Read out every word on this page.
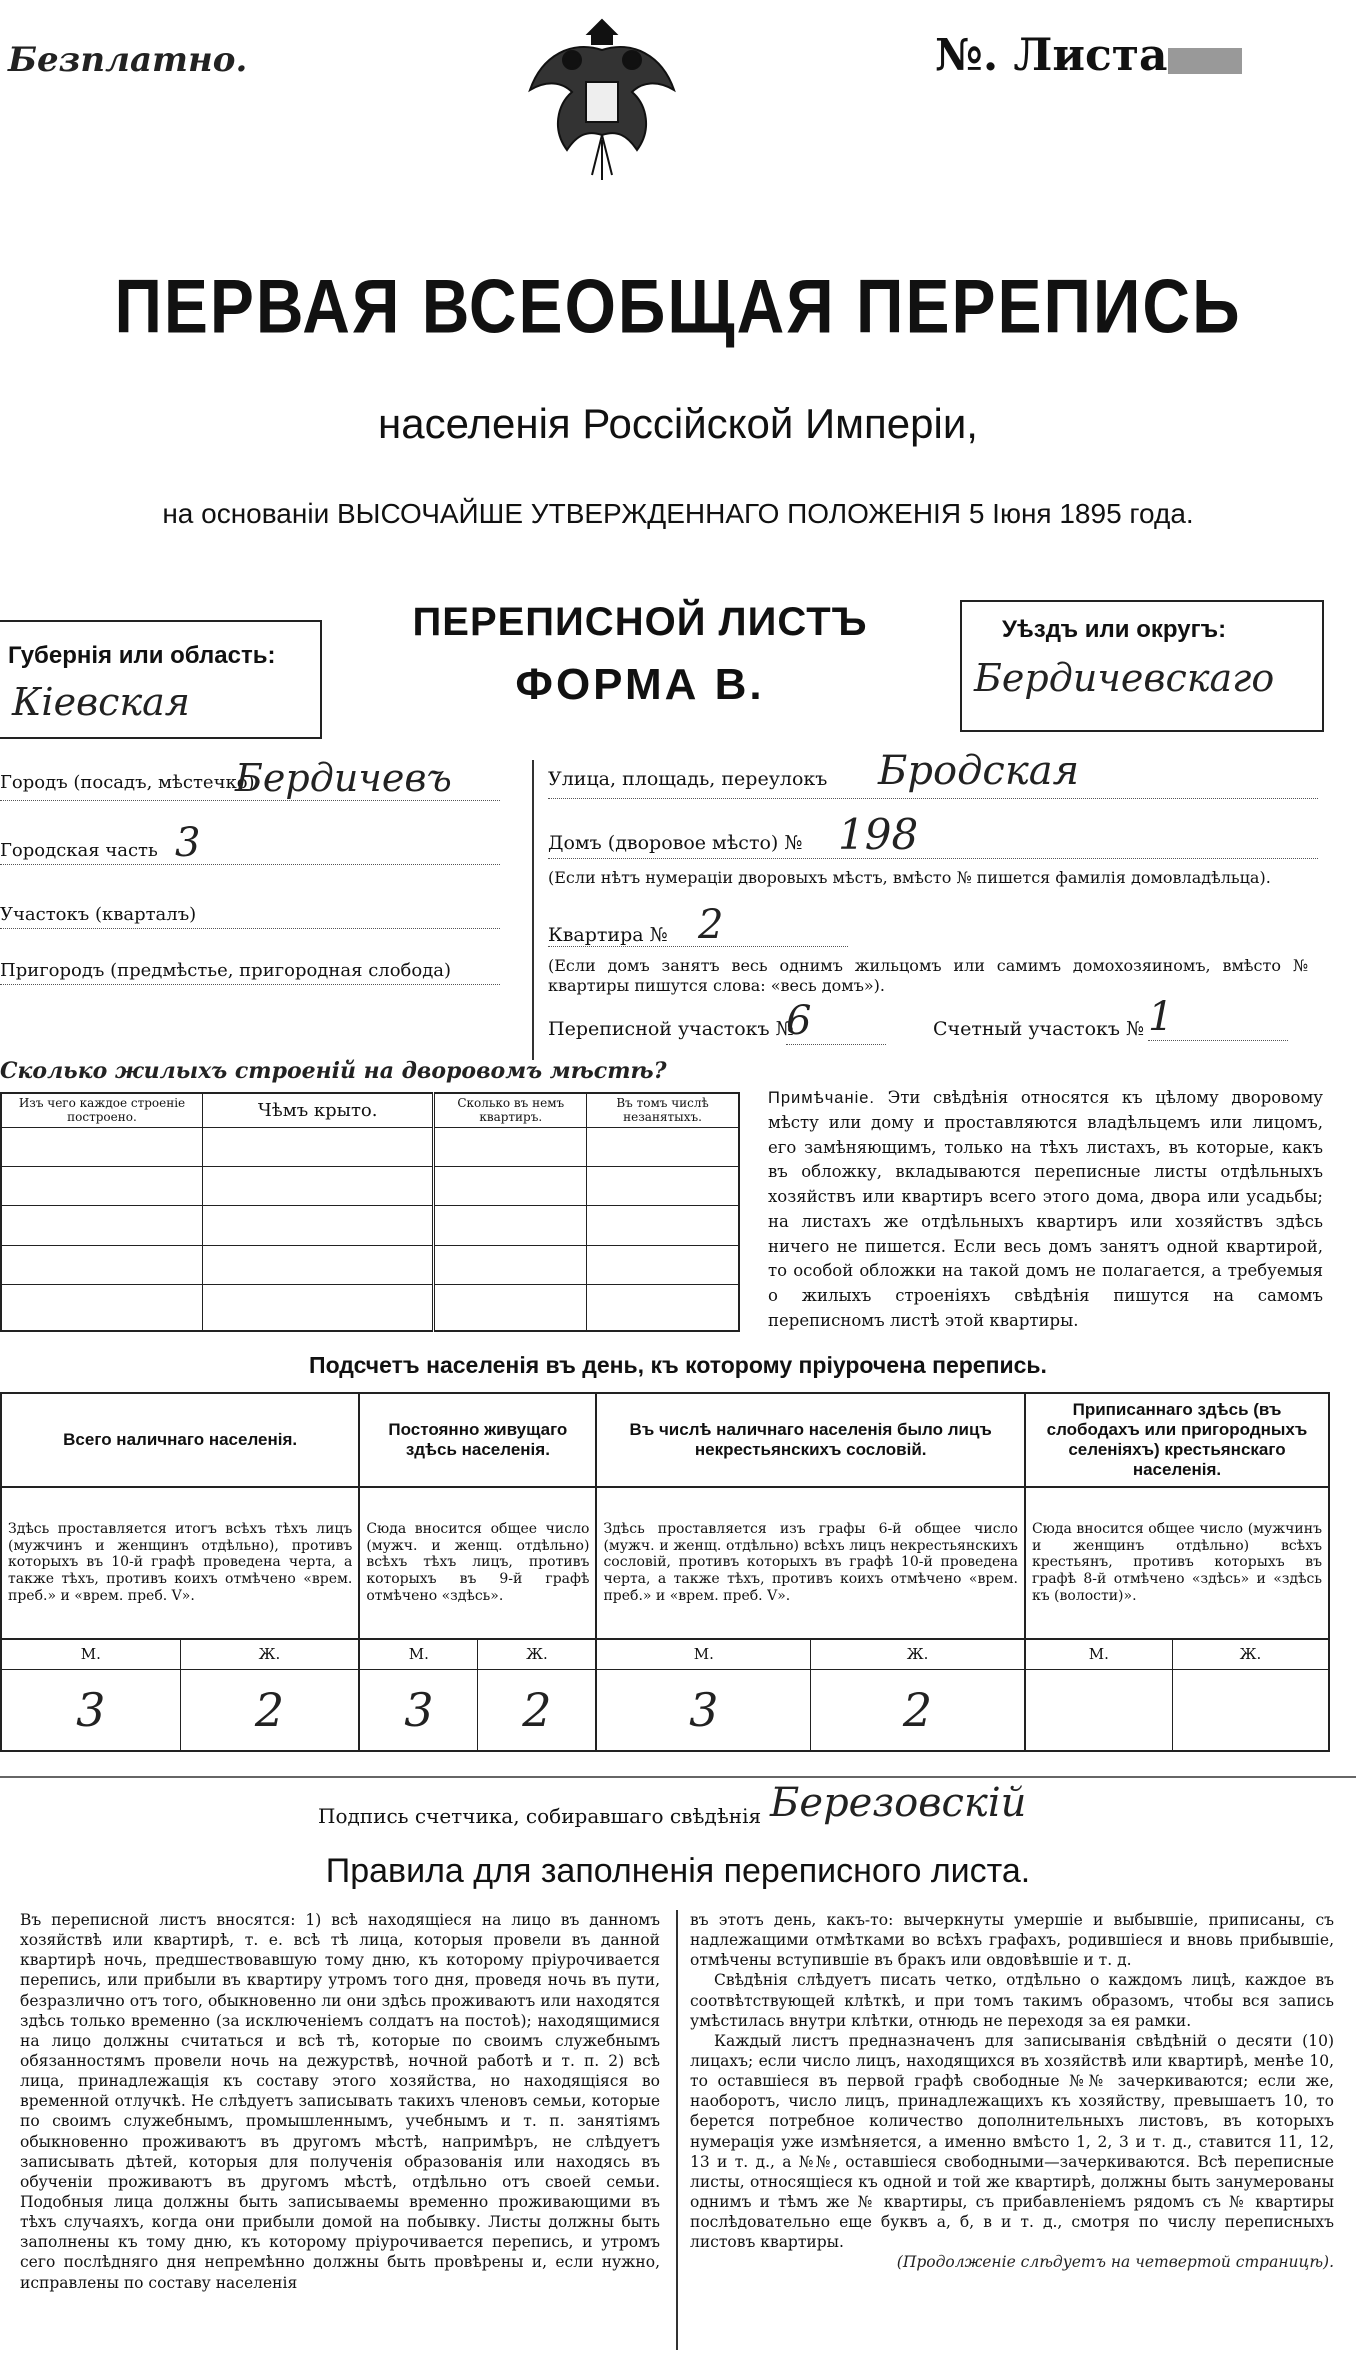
Безплатно.	№. Листа
ПЕРВАЯ ВСЕОБЩАЯ ПЕРЕПИСЬ
населенія Россійской Имперіи,
на основаніи ВЫСОЧАЙШЕ УТВЕРЖДЕННАГО ПОЛОЖЕНІЯ 5 Іюня 1895 года.
Губернія или область:
Кіевская
ПЕРЕПИСНОЙ ЛИСТЪ
ФОРМА В.
Уѣздъ или округъ:
Бердичевскаго
Городъ (посадъ, мѣстечко)
Бердичевъ
Городская часть 3
Участокъ (кварталъ)
Пригородъ (предмѣстье, пригородная слобода)
Улица, площадь, переулокъ Бродская
Домъ (дворовое мѣсто) № 198
(Если нѣтъ нумераціи дворовыхъ мѣстъ, вмѣсто № пишется фамилія домовладѣльца).
Квартира № 2
(Если домъ занятъ весь однимъ жильцомъ или самимъ домохозяиномъ, вмѣсто № квартиры пишутся слова: «весь домъ»).
Переписной участокъ №
6	Счетный участокъ № 1
Сколько жилыхъ строеній на дворовомъ мѣстѣ?
Изъ чего каждое строеніе построено.	Чѣмъ крыто.	Сколько въ немъ квартиръ.	Въ томъ числѣ незанятыхъ.

Примѣчаніе. Эти свѣдѣнія относятся къ цѣлому дворовому мѣсту или дому и проставляются владѣльцемъ или лицомъ, его замѣняющимъ, только на тѣхъ листахъ, въ которые, какъ въ обложку, вкладываются переписные листы отдѣльныхъ хозяйствъ или квартиръ всего этого дома, двора или усадьбы; на листахъ же отдѣльныхъ квартиръ или хозяйствъ здѣсь ничего не пишется. Если весь домъ занятъ одной квартирой, то особой обложки на такой домъ не полагается, а требуемыя о жилыхъ строеніяхъ свѣдѣнія пишутся на самомъ переписномъ листѣ этой квартиры.
Подсчетъ населенія въ день, къ которому пріурочена перепись.
Всего наличнаго населенія.		Постоянно живущаго здѣсь населенія.		Въ числѣ наличнаго населенія было лицъ некрестьянскихъ сословій.		Приписаннаго здѣсь (въ слободахъ или пригородныхъ селеніяхъ) крестьянскаго населенія.	
Здѣсь проставляется итогъ всѣхъ тѣхъ лицъ (мужчинъ и женщинъ отдѣльно), противъ которыхъ въ 10-й графѣ проведена черта, а также тѣхъ, противъ коихъ отмѣчено «врем. преб.» и «врем. преб. V».		Сюда вносится общее число (мужч. и женщ. отдѣльно) всѣхъ тѣхъ лицъ, противъ которыхъ въ 9-й графѣ отмѣчено «здѣсь».		Здѣсь проставляется изъ графы 6-й общее число (мужч. и женщ. отдѣльно) всѣхъ лицъ некрестьянскихъ сословій, противъ которыхъ въ графѣ 10-й проведена черта, а также тѣхъ, противъ коихъ отмѣчено «врем. преб.» и «врем. преб. V».		Сюда вносится общее число (мужчинъ и женщинъ отдѣльно) всѣхъ крестьянъ, противъ которыхъ въ графѣ 8-й отмѣчено «здѣсь» и «здѣсь къ (волости)».	
М.	Ж.	М.	Ж.	М.	Ж.	М.	Ж.
3	2	3	2	3	2		
Подпись счетчика, собиравшаго свѣдѣнія Березовскій
Правила для заполненія переписного листа.
Въ переписной листъ вносятся: 1) всѣ находящіеся на лицо въ данномъ хозяйствѣ или квартирѣ, т. е. всѣ тѣ лица, которыя провели въ данной квартирѣ ночь, предшествовавшую тому дню, къ которому пріурочивается перепись, или прибыли въ квартиру утромъ того дня, проведя ночь въ пути, безразлично отъ того, обыкновенно ли они здѣсь проживаютъ или находятся здѣсь только временно (за исключеніемъ солдатъ на постоѣ); находящимися на лицо должны считаться и всѣ тѣ, которые по своимъ служебнымъ обязанностямъ провели ночь на дежурствѣ, ночной работѣ и т. п. 2) всѣ лица, принадлежащія къ составу этого хозяйства, но находящіяся во временной отлучкѣ. Не слѣдуетъ записывать такихъ членовъ семьи, которые по своимъ служебнымъ, промышленнымъ, учебнымъ и т. п. занятіямъ обыкновенно проживаютъ въ другомъ мѣстѣ, напримѣръ, не слѣдуетъ записывать дѣтей, которыя для полученія образованія или находясь въ обученіи проживаютъ въ другомъ мѣстѣ, отдѣльно отъ своей семьи. Подобныя лица должны быть записываемы временно проживающими въ тѣхъ случаяхъ, когда они прибыли домой на побывку. Листы должны быть заполнены къ тому дню, къ которому пріурочивается перепись, и утромъ сего послѣдняго дня непремѣнно должны быть провѣрены и, если нужно, исправлены по составу населенія
въ этотъ день, какъ-то: вычеркнуты умершіе и выбывшіе, приписаны, съ надлежащими отмѣтками во всѣхъ графахъ, родившіеся и вновь прибывшіе, отмѣчены вступившіе въ бракъ или овдовѣвшіе и т. д.
Свѣдѣнія слѣдуетъ писать четко, отдѣльно о каждомъ лицѣ, каждое въ соотвѣтствующей клѣткѣ, и при томъ такимъ образомъ, чтобы вся запись умѣстилась внутри клѣтки, отнюдь не переходя за ея рамки.
Каждый листъ предназначенъ для записыванія свѣдѣній о десяти (10) лицахъ; если число лицъ, находящихся въ хозяйствѣ или квартирѣ, менѣе 10, то оставшіеся въ первой графѣ свободные №№ зачеркиваются; если же, наоборотъ, число лицъ, принадлежащихъ къ хозяйству, превышаетъ 10, то берется потребное количество дополнительныхъ листовъ, въ которыхъ нумерація уже измѣняется, а именно вмѣсто 1, 2, 3 и т. д., ставится 11, 12, 13 и т. д., а №№, оставшіеся свободными—зачеркиваются. Всѣ переписные листы, относящіеся къ одной и той же квартирѣ, должны быть занумерованы однимъ и тѣмъ же № квартиры, съ прибавленіемъ рядомъ съ № квартиры послѣдовательно еще буквъ а, б, в и т. д., смотря по числу переписныхъ листовъ квартиры.
(Продолженіе слѣдуетъ на четвертой страницѣ).
